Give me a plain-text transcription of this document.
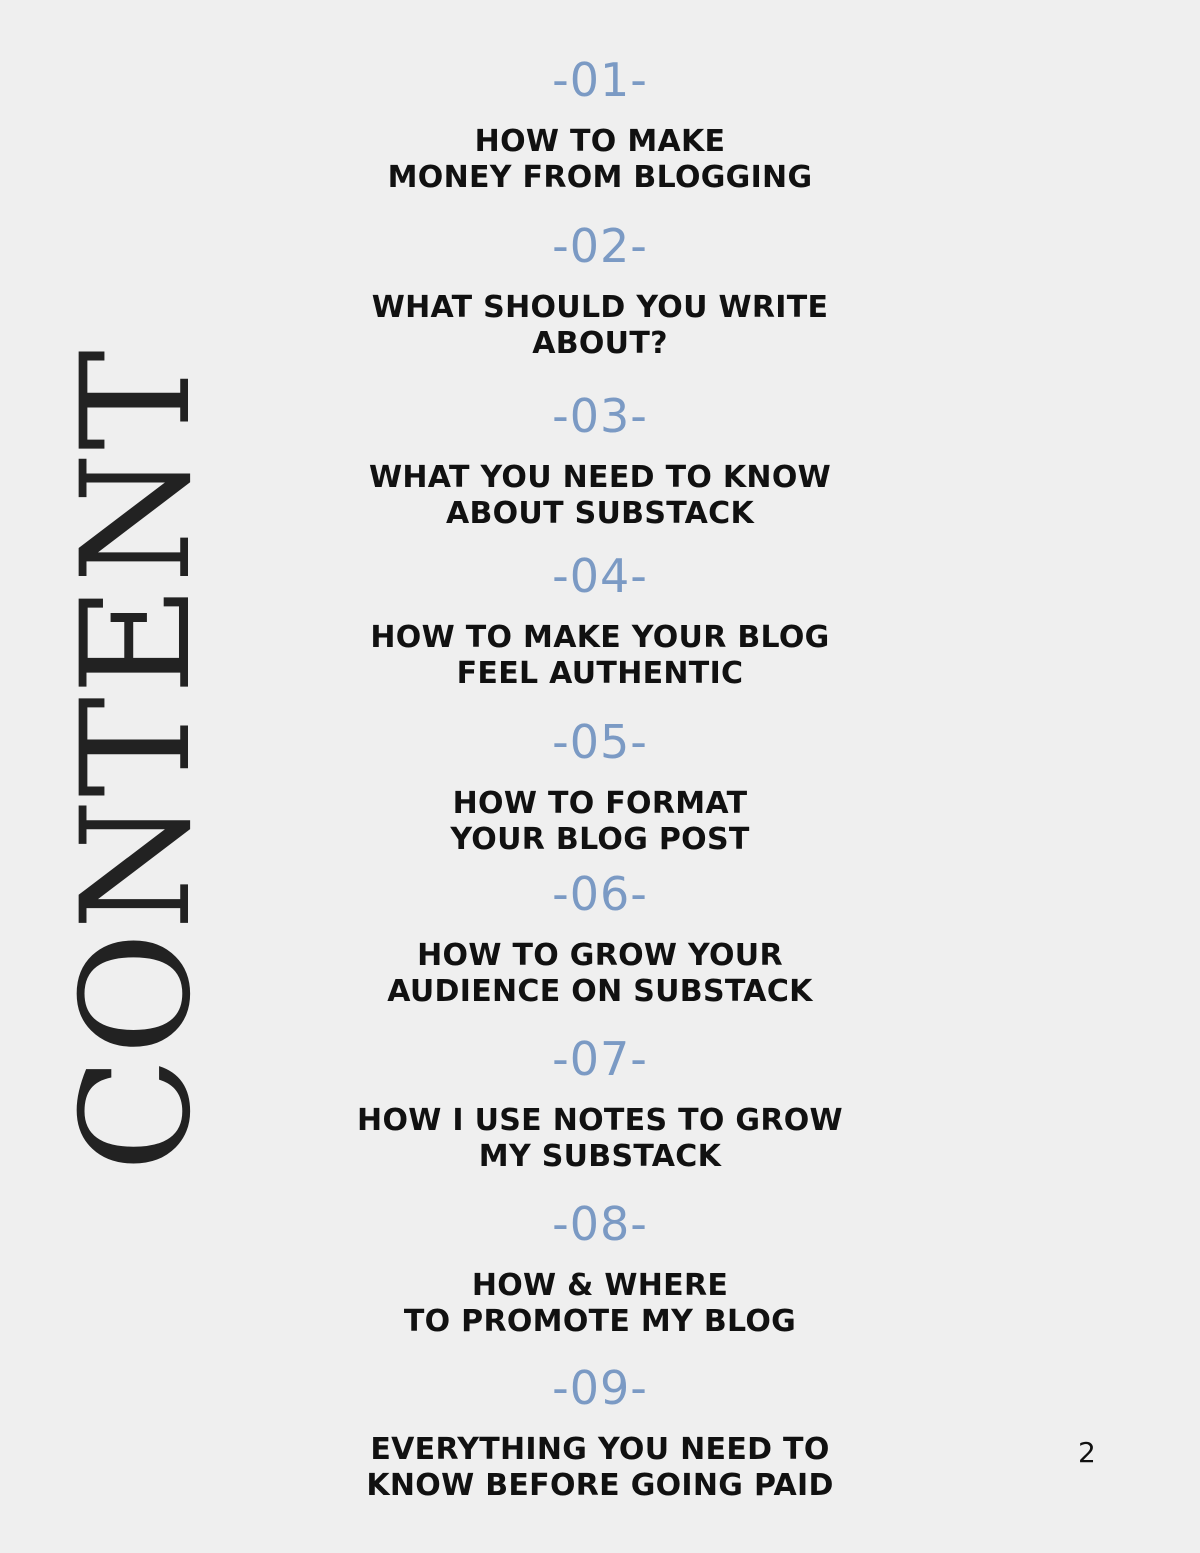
CONTENT
-01-
HOW TO MAKE
MONEY FROM BLOGGING
-02-
WHAT SHOULD YOU WRITE
ABOUT?
-03-
WHAT YOU NEED TO KNOW
ABOUT SUBSTACK
-04-
HOW TO MAKE YOUR BLOG
FEEL AUTHENTIC
-05-
HOW TO FORMAT
YOUR BLOG POST
-06-
HOW TO GROW YOUR
AUDIENCE ON SUBSTACK
-07-
HOW I USE NOTES TO GROW
MY SUBSTACK
-08-
HOW & WHERE
TO PROMOTE MY BLOG
-09-
EVERYTHING YOU NEED TO
KNOW BEFORE GOING PAID
2
